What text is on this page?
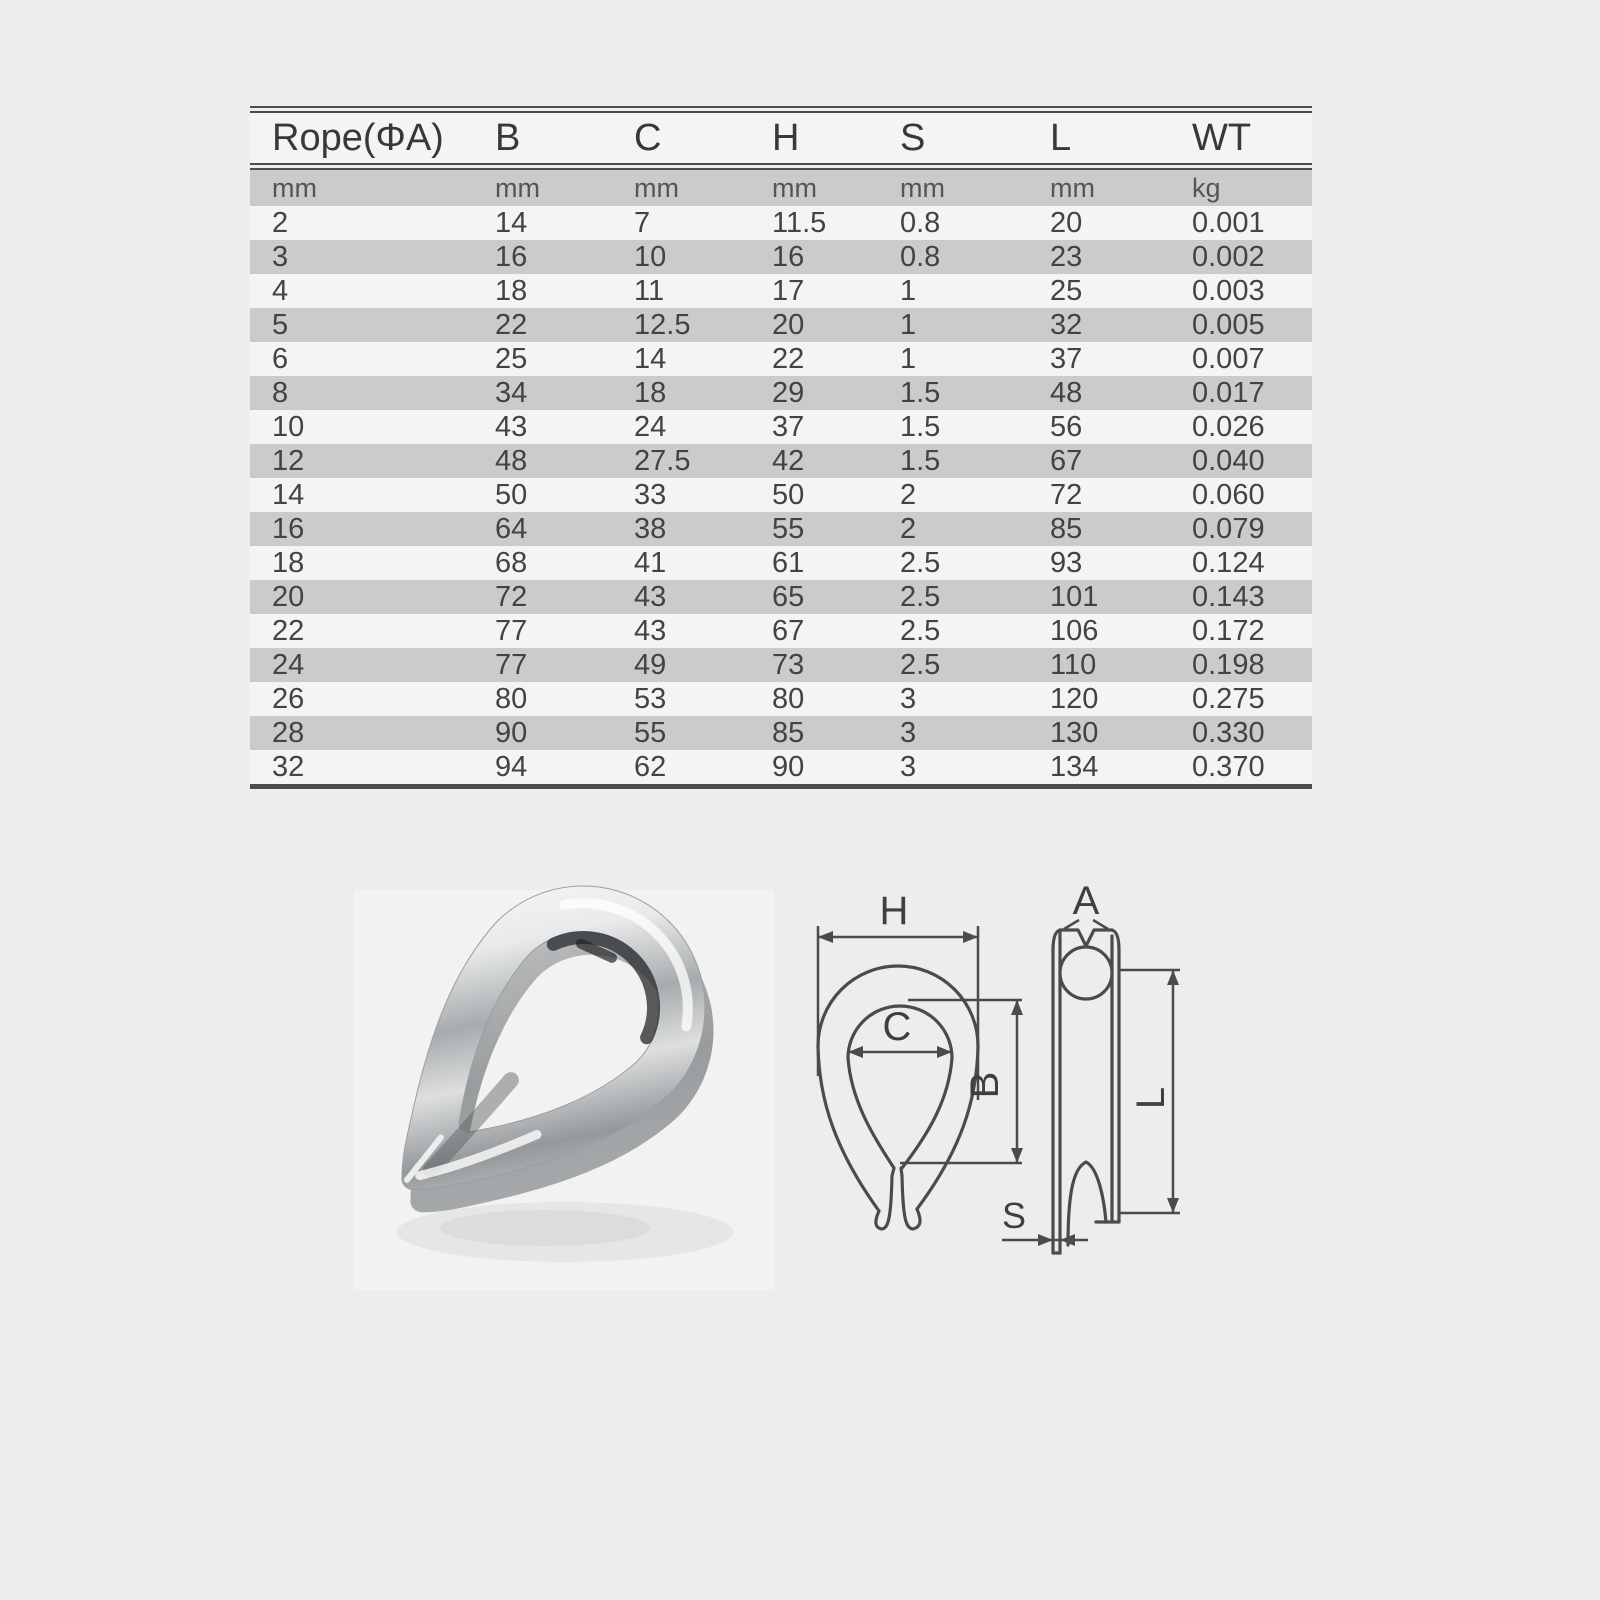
Rope(ΦA)	B	C	H	S	L	WT
mm	mm	mm	mm	mm	mm	kg
2	14	7	11.5	0.8	20	0.001
3	16	10	16	0.8	23	0.002
4	18	11	17	1	25	0.003
5	22	12.5	20	1	32	0.005
6	25	14	22	1	37	0.007
8	34	18	29	1.5	48	0.017
10	43	24	37	1.5	56	0.026
12	48	27.5	42	1.5	67	0.040
14	50	33	50	2	72	0.060
16	64	38	55	2	85	0.079
18	68	41	61	2.5	93	0.124
20	72	43	65	2.5	101	0.143
22	77	43	67	2.5	106	0.172
24	77	49	73	2.5	110	0.198
26	80	53	80	3	120	0.275
28	90	55	85	3	130	0.330
32	94	62	90	3	134	0.370
H
C
B
A
L
S
